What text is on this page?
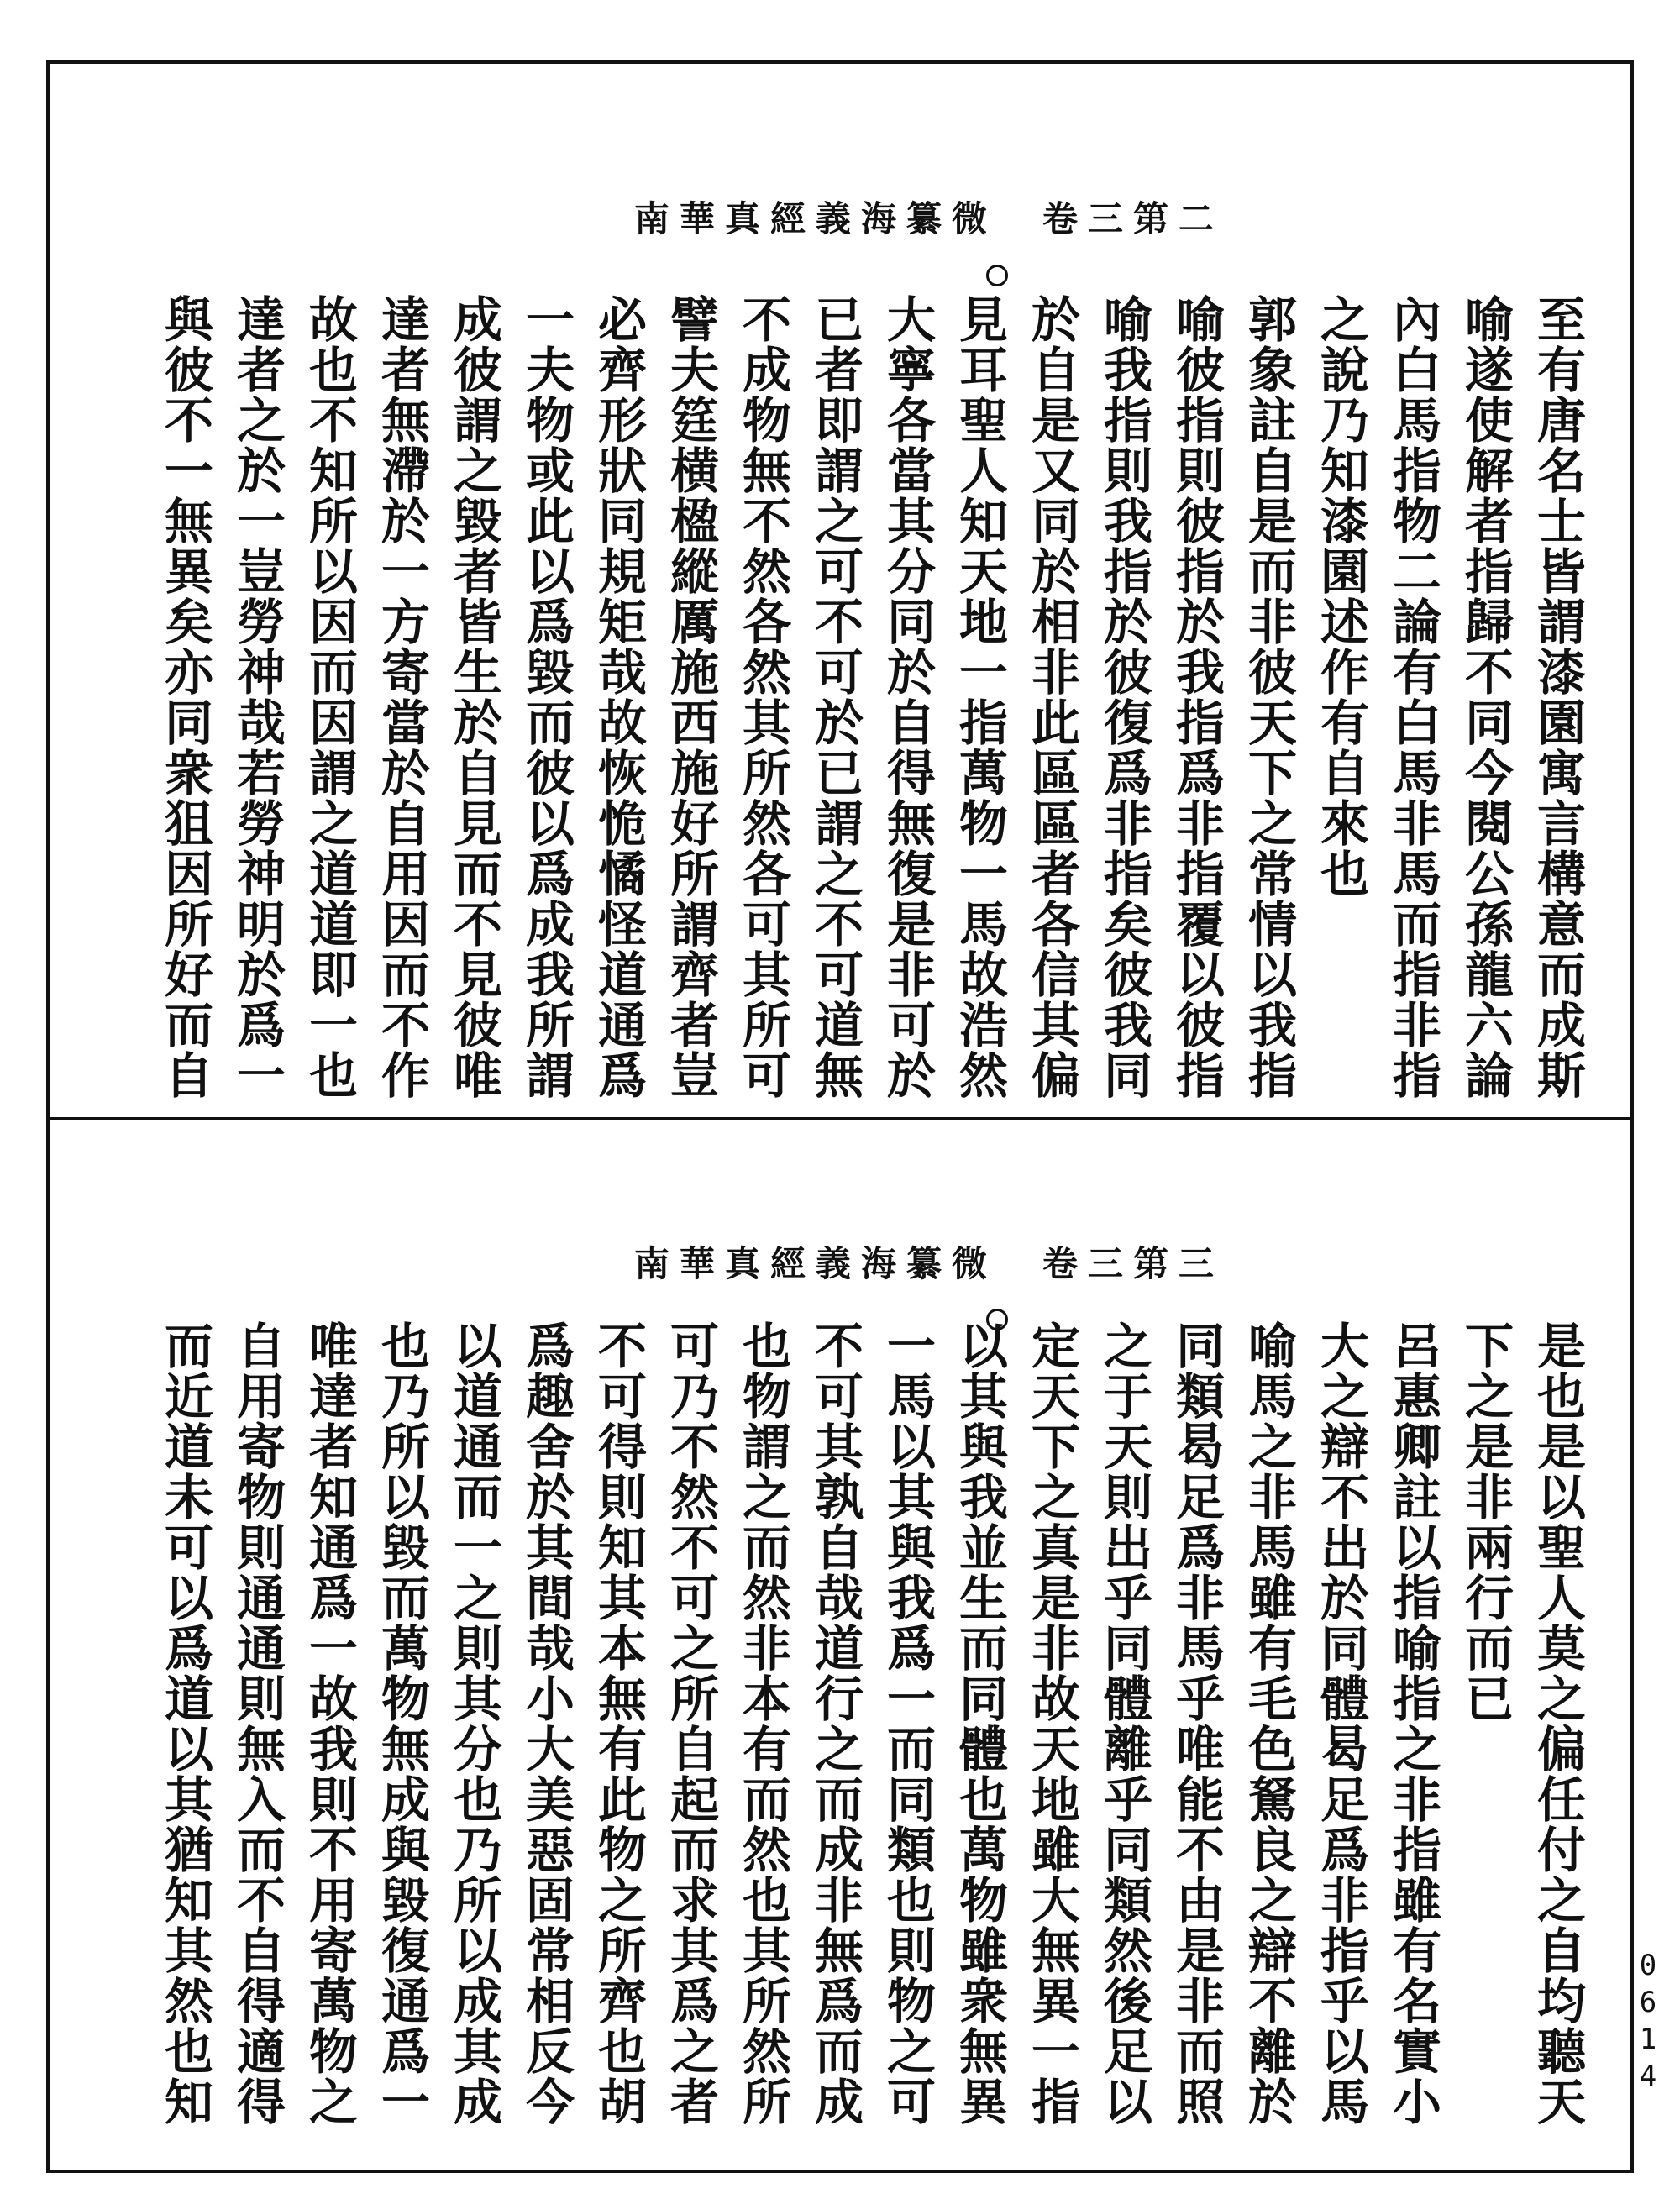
南華真經義海纂微　卷三第二
至有唐名士皆謂漆園寓言構意而成斯
喻遂使解者指歸不同今閱公孫龍六論
內白馬指物二論有白馬非馬而指非指
之說乃知漆園述作有自來也
郭象註自是而非彼天下之常情以我指
喻彼指則彼指於我指爲非指覆以彼指
喻我指則我指於彼復爲非指矣彼我同
於自是又同於相非此區區者各信其偏
見耳聖人知天地一指萬物一馬故浩然
大寧各當其分同於自得無復是非可於
已者即謂之可不可於已謂之不可道無
不成物無不然各然其所然各可其所可
譬夫筳横楹縱厲施西施好所謂齊者豈
必齊形狀同規矩哉故恢恑憰怪道通爲
一夫物或此以爲毀而彼以爲成我所謂
成彼謂之毀者皆生於自見而不見彼唯
達者無滯於一方寄當於自用因而不作
故也不知所以因而因謂之道道即一也
達者之於一豈勞神哉若勞神明於爲一
與彼不一無異矣亦同衆狙因所好而自
南華真經義海纂微　卷三第三
是也是以聖人莫之偏任付之自均聽天
下之是非兩行而已
呂惠卿註以指喻指之非指雖有名實小
大之辯不出於同體曷足爲非指乎以馬
喻馬之非馬雖有毛色駑良之辯不離於
同類曷足爲非馬乎唯能不由是非而照
之于天則出乎同體離乎同類然後足以
定天下之真是非故天地雖大無異一指
以其與我並生而同體也萬物雖衆無異
一馬以其與我爲一而同類也則物之可
不可其孰自哉道行之而成非無爲而成
也物謂之而然非本有而然也其所然所
可乃不然不可之所自起而求其爲之者
不可得則知其本無有此物之所齊也胡
爲趣舍於其間哉小大美惡固常相反今
以道通而一之則其分也乃所以成其成
也乃所以毀而萬物無成與毀復通爲一
唯達者知通爲一故我則不用寄萬物之
自用寄物則通通則無入而不自得適得
而近道未可以爲道以其猶知其然也知	0614
